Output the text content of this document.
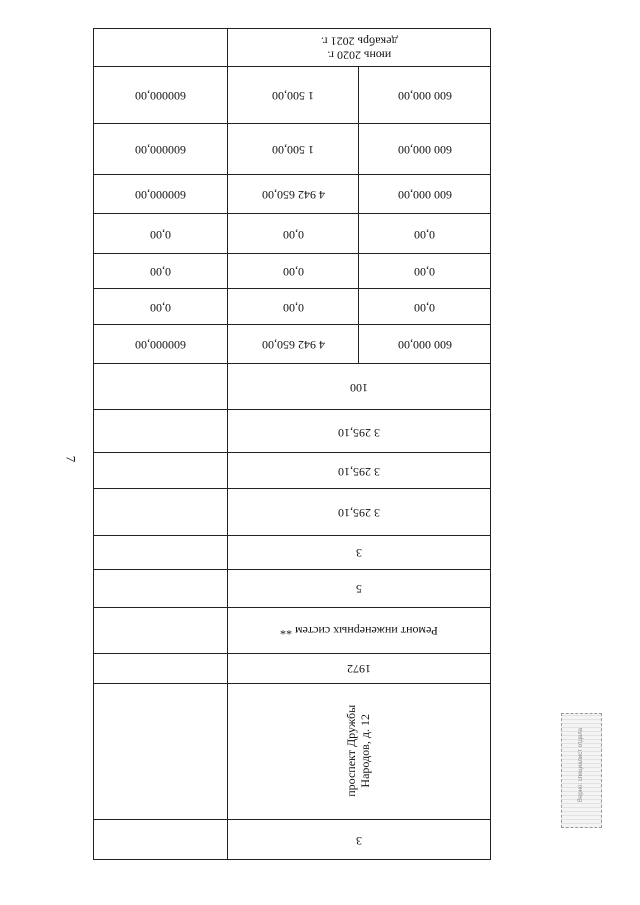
7
	июнь 2020 г.
декабрь 2021 г.	
600000,00	1 500,00	600 000,00
600000,00	1 500,00	600 000,00
600000,00	4 942 650,00	600 000,00
0,00	0,00	0,00
0,00	0,00	0,00
0,00	0,00	0,00
600000,00	4 942 650,00	600 000,00
	100	
	3 295,10	
	3 295,10	
	3 295,10	
	3	
	5	
	Ремонт инженерных систем **	
	1972	
	проспект Дружбы
Народов, д. 12	
	3	
Верно: специалист отдела
